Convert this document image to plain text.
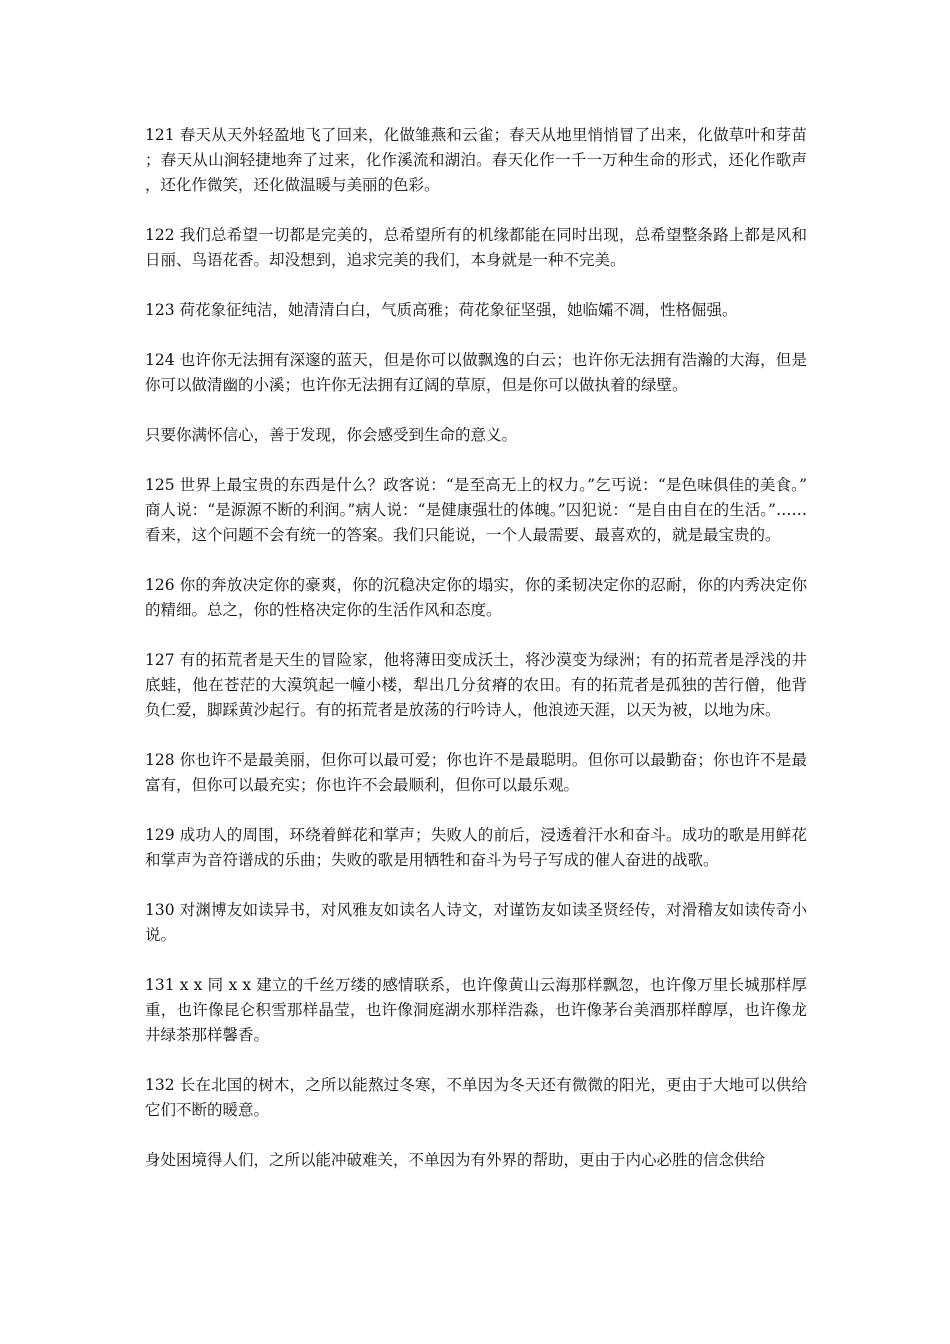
121 春天从天外轻盈地飞了回来，化做雏燕和云雀；春天从地里悄悄冒了出来，化做草叶和芽苗；春天从山涧轻捷地奔了过来，化作溪流和湖泊。春天化作一千一万种生命的形式，还化作歌声，还化作微笑，还化做温暖与美丽的色彩。

122 我们总希望一切都是完美的，总希望所有的机缘都能在同时出现，总希望整条路上都是风和日丽、鸟语花香。却没想到，追求完美的我们，本身就是一种不完美。

123 荷花象征纯洁，她清清白白，气质高雅；荷花象征坚强，她临孀不凋，性格倔强。

124 也许你无法拥有深邃的蓝天，但是你可以做飘逸的白云；也许你无法拥有浩瀚的大海，但是你可以做清幽的小溪；也许你无法拥有辽阔的草原，但是你可以做执着的绿壁。

只要你满怀信心，善于发现，你会感受到生命的意义。

125 世界上最宝贵的东西是什么？政客说：“是至高无上的权力。”乞丐说：“是色味俱佳的美食。”商人说：“是源源不断的利润。”病人说：“是健康强壮的体魄。”囚犯说：“是自由自在的生活。”……看来，这个问题不会有统一的答案。我们只能说，一个人最需要、最喜欢的，就是最宝贵的。

126 你的奔放决定你的豪爽，你的沉稳决定你的塌实，你的柔韧决定你的忍耐，你的内秀决定你的精细。总之，你的性格决定你的生活作风和态度。

127 有的拓荒者是天生的冒险家，他将薄田变成沃土，将沙漠变为绿洲；有的拓荒者是浮浅的井底蛙，他在苍茫的大漠筑起一幢小楼，犁出几分贫瘠的农田。有的拓荒者是孤独的苦行僧，他背负仁爱，脚踩黄沙起行。有的拓荒者是放荡的行吟诗人，他浪迹天涯，以天为被，以地为床。

128 你也许不是最美丽，但你可以最可爱；你也许不是最聪明。但你可以最勤奋；你也许不是最富有，但你可以最充实；你也许不会最顺利，但你可以最乐观。

129 成功人的周围，环绕着鲜花和掌声；失败人的前后，浸透着汗水和奋斗。成功的歌是用鲜花和掌声为音符谱成的乐曲；失败的歌是用牺牲和奋斗为号子写成的催人奋进的战歌。

130 对渊博友如读异书，对风雅友如读名人诗文，对谨饬友如读圣贤经传，对滑稽友如读传奇小说。

131 x x 同 x x 建立的千丝万缕的感情联系，也许像黄山云海那样飘忽，也许像万里长城那样厚重，也许像昆仑积雪那样晶莹，也许像洞庭湖水那样浩淼，也许像茅台美酒那样醇厚，也许像龙井绿茶那样馨香。

132 长在北国的树木，之所以能熬过冬寒，不单因为冬天还有微微的阳光，更由于大地可以供给它们不断的暖意。

身处困境得人们，之所以能冲破难关，不单因为有外界的帮助，更由于内心必胜的信念供给
